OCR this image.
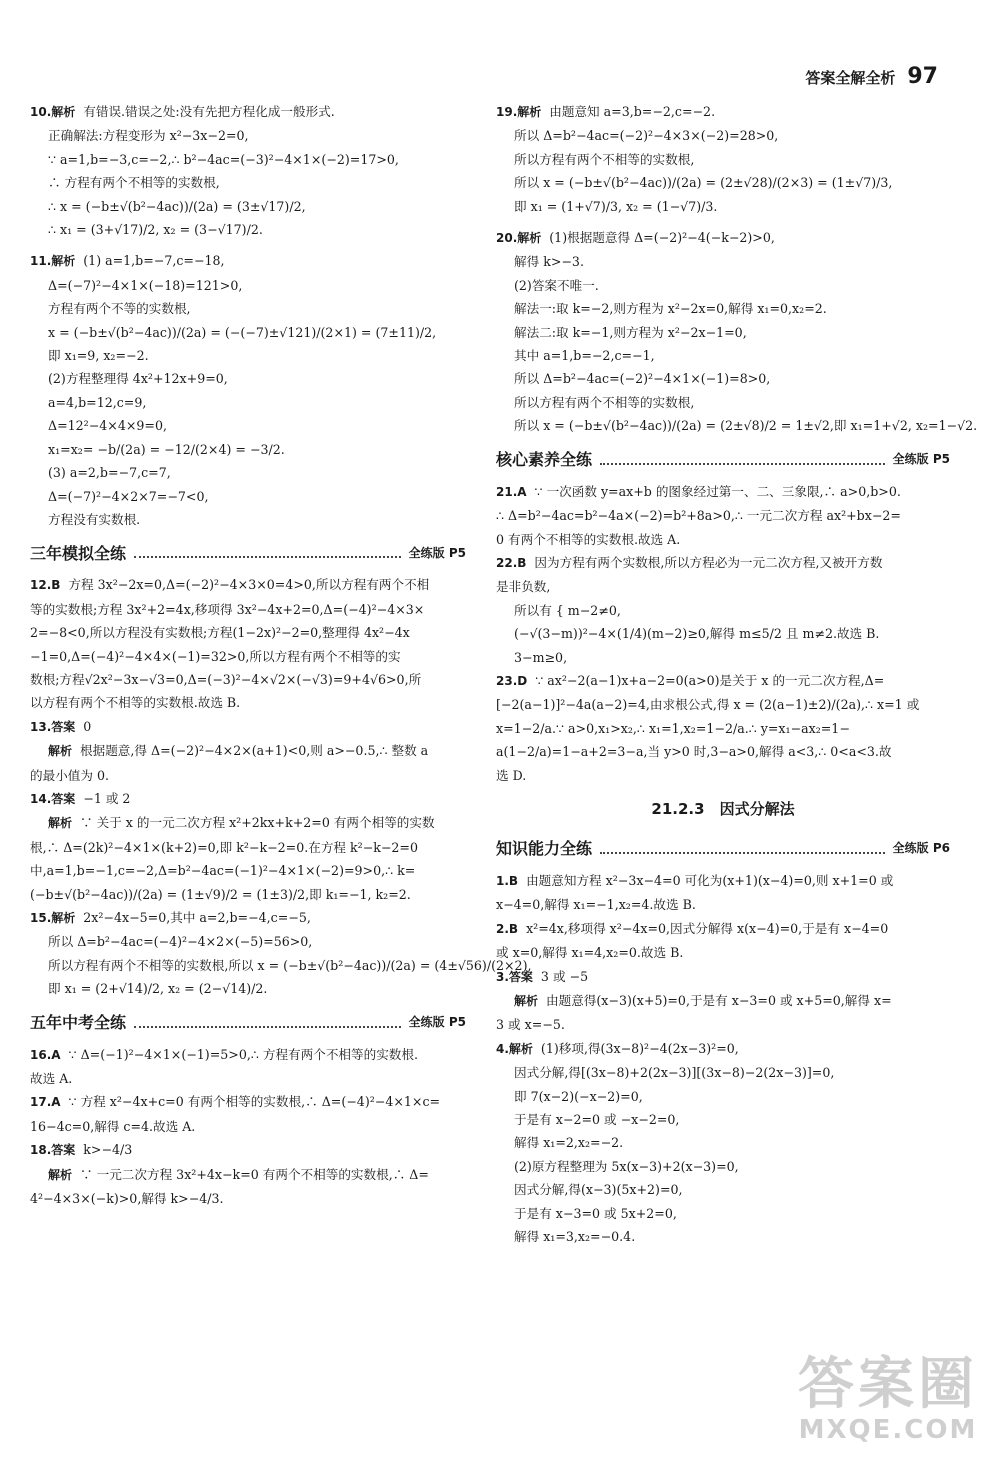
答案全解全析 97
10.解析 有错误.错误之处:没有先把方程化成一般形式.
正确解法:方程变形为 x²−3x−2=0,
∵ a=1,b=−3,c=−2,∴ b²−4ac=(−3)²−4×1×(−2)=17>0,
∴ 方程有两个不相等的实数根,
∴ x = (−b±√(b²−4ac))/(2a) = (3±√17)/2,
∴ x₁ = (3+√17)/2, x₂ = (3−√17)/2.
11.解析 (1) a=1,b=−7,c=−18,
Δ=(−7)²−4×1×(−18)=121>0,
方程有两个不等的实数根,
x = (−b±√(b²−4ac))/(2a) = (−(−7)±√121)/(2×1) = (7±11)/2,
即 x₁=9, x₂=−2.
(2)方程整理得 4x²+12x+9=0,
a=4,b=12,c=9,
Δ=12²−4×4×9=0,
x₁=x₂= −b/(2a) = −12/(2×4) = −3/2.
(3) a=2,b=−7,c=7,
Δ=(−7)²−4×2×7=−7<0,
方程没有实数根.
三年模拟全练	全练版 P5
12.B 方程 3x²−2x=0,Δ=(−2)²−4×3×0=4>0,所以方程有两个不相
等的实数根;方程 3x²+2=4x,移项得 3x²−4x+2=0,Δ=(−4)²−4×3×
2=−8<0,所以方程没有实数根;方程(1−2x)²−2=0,整理得 4x²−4x
−1=0,Δ=(−4)²−4×4×(−1)=32>0,所以方程有两个不相等的实
数根;方程√2x²−3x−√3=0,Δ=(−3)²−4×√2×(−√3)=9+4√6>0,所
以方程有两个不相等的实数根.故选 B.
13.答案 0
解析 根据题意,得 Δ=(−2)²−4×2×(a+1)<0,则 a>−0.5,∴ 整数 a
的最小值为 0.
14.答案 −1 或 2
解析 ∵ 关于 x 的一元二次方程 x²+2kx+k+2=0 有两个相等的实数
根,∴ Δ=(2k)²−4×1×(k+2)=0,即 k²−k−2=0.在方程 k²−k−2=0
中,a=1,b=−1,c=−2,Δ=b²−4ac=(−1)²−4×1×(−2)=9>0,∴ k=
(−b±√(b²−4ac))/(2a) = (1±√9)/2 = (1±3)/2,即 k₁=−1, k₂=2.
15.解析 2x²−4x−5=0,其中 a=2,b=−4,c=−5,
所以 Δ=b²−4ac=(−4)²−4×2×(−5)=56>0,
所以方程有两个不相等的实数根,所以 x = (−b±√(b²−4ac))/(2a) = (4±√56)/(2×2),
即 x₁ = (2+√14)/2, x₂ = (2−√14)/2.
五年中考全练	全练版 P5
16.A ∵ Δ=(−1)²−4×1×(−1)=5>0,∴ 方程有两个不相等的实数根.
故选 A.
17.A ∵ 方程 x²−4x+c=0 有两个相等的实数根,∴ Δ=(−4)²−4×1×c=
16−4c=0,解得 c=4.故选 A.
18.答案 k>−4/3
解析 ∵ 一元二次方程 3x²+4x−k=0 有两个不相等的实数根,∴ Δ=
4²−4×3×(−k)>0,解得 k>−4/3.
19.解析 由题意知 a=3,b=−2,c=−2.
所以 Δ=b²−4ac=(−2)²−4×3×(−2)=28>0,
所以方程有两个不相等的实数根,
所以 x = (−b±√(b²−4ac))/(2a) = (2±√28)/(2×3) = (1±√7)/3,
即 x₁ = (1+√7)/3, x₂ = (1−√7)/3.
20.解析 (1)根据题意得 Δ=(−2)²−4(−k−2)>0,
解得 k>−3.
(2)答案不唯一.
解法一:取 k=−2,则方程为 x²−2x=0,解得 x₁=0,x₂=2.
解法二:取 k=−1,则方程为 x²−2x−1=0,
其中 a=1,b=−2,c=−1,
所以 Δ=b²−4ac=(−2)²−4×1×(−1)=8>0,
所以方程有两个不相等的实数根,
所以 x = (−b±√(b²−4ac))/(2a) = (2±√8)/2 = 1±√2,即 x₁=1+√2, x₂=1−√2.
核心素养全练	全练版 P5
21.A ∵ 一次函数 y=ax+b 的图象经过第一、二、三象限,∴ a>0,b>0.
∴ Δ=b²−4ac=b²−4a×(−2)=b²+8a>0,∴ 一元二次方程 ax²+bx−2=
0 有两个不相等的实数根.故选 A.
22.B 因为方程有两个实数根,所以方程必为一元二次方程,又被开方数
是非负数,
所以有 { m−2≠0,
(−√(3−m))²−4×(1/4)(m−2)≥0,解得 m≤5/2 且 m≠2.故选 B.
3−m≥0,
23.D ∵ ax²−2(a−1)x+a−2=0(a>0)是关于 x 的一元二次方程,Δ=
[−2(a−1)]²−4a(a−2)=4,由求根公式,得 x = (2(a−1)±2)/(2a),∴ x=1 或
x=1−2/a.∵ a>0,x₁>x₂,∴ x₁=1,x₂=1−2/a.∴ y=x₁−ax₂=1−
a(1−2/a)=1−a+2=3−a,当 y>0 时,3−a>0,解得 a<3,∴ 0<a<3.故
选 D.
21.2.3　因式分解法
知识能力全练	全练版 P6
1.B 由题意知方程 x²−3x−4=0 可化为(x+1)(x−4)=0,则 x+1=0 或
x−4=0,解得 x₁=−1,x₂=4.故选 B.
2.B x²=4x,移项得 x²−4x=0,因式分解得 x(x−4)=0,于是有 x−4=0
或 x=0,解得 x₁=4,x₂=0.故选 B.
3.答案 3 或 −5
解析 由题意得(x−3)(x+5)=0,于是有 x−3=0 或 x+5=0,解得 x=
3 或 x=−5.
4.解析 (1)移项,得(3x−8)²−4(2x−3)²=0,
因式分解,得[(3x−8)+2(2x−3)][(3x−8)−2(2x−3)]=0,
即 7(x−2)(−x−2)=0,
于是有 x−2=0 或 −x−2=0,
解得 x₁=2,x₂=−2.
(2)原方程整理为 5x(x−3)+2(x−3)=0,
因式分解,得(x−3)(5x+2)=0,
于是有 x−3=0 或 5x+2=0,
解得 x₁=3,x₂=−0.4.
答案圈
MXQE.COM
